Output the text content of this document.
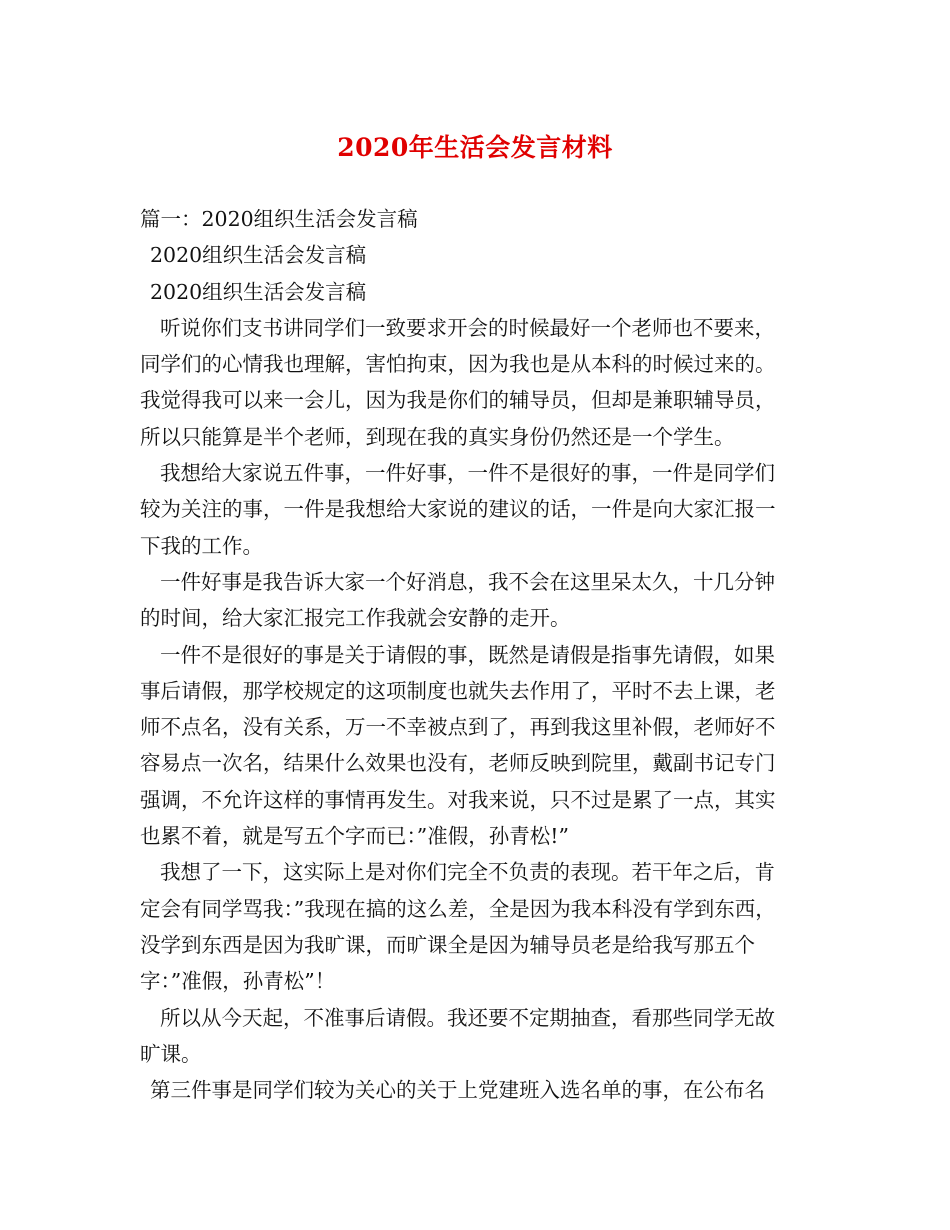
2020年生活会发言材料
篇一：2020组织生活会发言稿
2020组织生活会发言稿
2020组织生活会发言稿
听说你们支书讲同学们一致要求开会的时候最好一个老师也不要来，
同学们的心情我也理解，害怕拘束，因为我也是从本科的时候过来的。
我觉得我可以来一会儿，因为我是你们的辅导员，但却是兼职辅导员，
所以只能算是半个老师，到现在我的真实身份仍然还是一个学生。
我想给大家说五件事，一件好事，一件不是很好的事，一件是同学们
较为关注的事，一件是我想给大家说的建议的话，一件是向大家汇报一
下我的工作。
一件好事是我告诉大家一个好消息，我不会在这里呆太久，十几分钟
的时间，给大家汇报完工作我就会安静的走开。
一件不是很好的事是关于请假的事，既然是请假是指事先请假，如果
事后请假，那学校规定的这项制度也就失去作用了，平时不去上课，老
师不点名，没有关系，万一不幸被点到了，再到我这里补假，老师好不
容易点一次名，结果什么效果也没有，老师反映到院里，戴副书记专门
强调，不允许这样的事情再发生。对我来说，只不过是累了一点，其实
也累不着，就是写五个字而已：”准假，孙青松!”
我想了一下，这实际上是对你们完全不负责的表现。若干年之后，肯
定会有同学骂我：”我现在搞的这么差，全是因为我本科没有学到东西，
没学到东西是因为我旷课，而旷课全是因为辅导员老是给我写那五个
字：”准假，孙青松”！
所以从今天起，不准事后请假。我还要不定期抽查，看那些同学无故
旷课。
第三件事是同学们较为关心的关于上党建班入选名单的事，在公布名
